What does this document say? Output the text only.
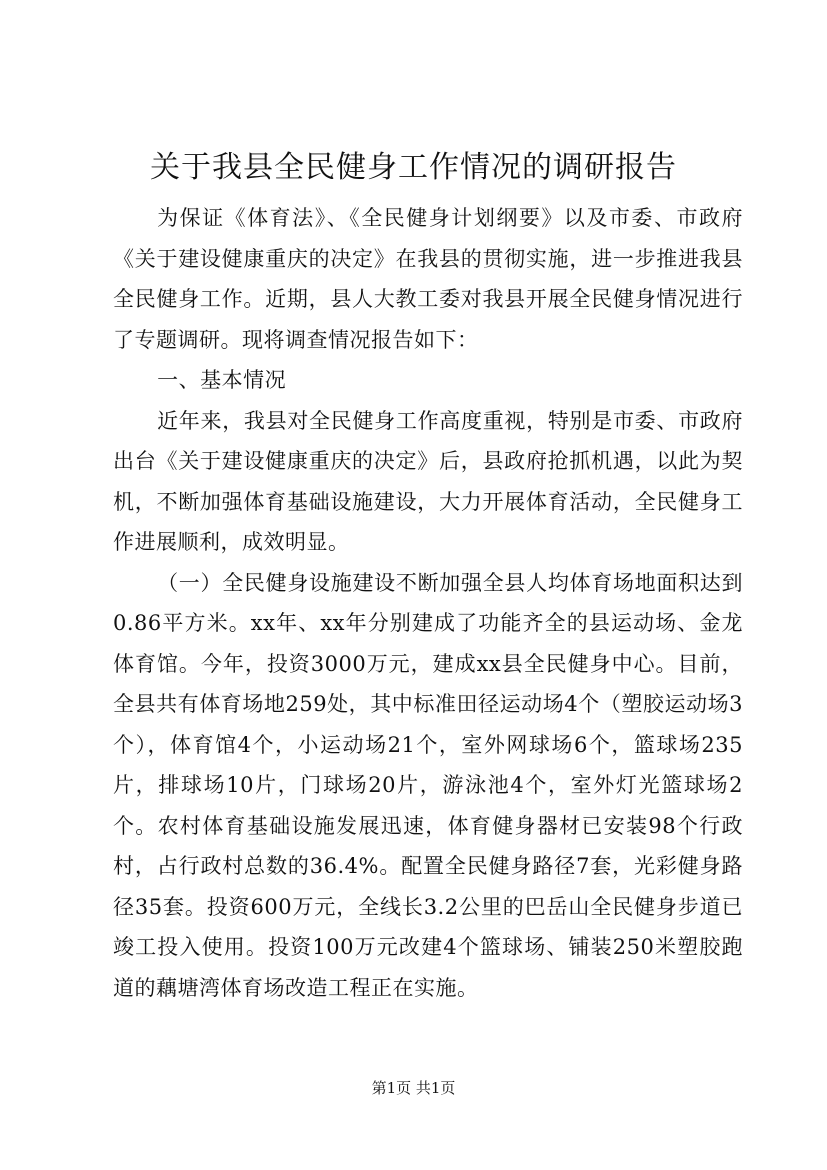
关于我县全民健身工作情况的调研报告

为保证《体育法》、《全民健身计划纲要》以及市委、市政府《关于建设健康重庆的决定》在我县的贯彻实施，进一步推进我县全民健身工作。近期，县人大教工委对我县开展全民健身情况进行了专题调研。现将调查情况报告如下：

一、基本情况

近年来，我县对全民健身工作高度重视，特别是市委、市政府出台《关于建设健康重庆的决定》后，县政府抢抓机遇，以此为契机，不断加强体育基础设施建设，大力开展体育活动，全民健身工作进展顺利，成效明显。

（一）全民健身设施建设不断加强全县人均体育场地面积达到0.86平方米。xx年、xx年分别建成了功能齐全的县运动场、金龙体育馆。今年，投资3000万元，建成xx县全民健身中心。目前，全县共有体育场地259处，其中标准田径运动场4个（塑胶运动场3个），体育馆4个，小运动场21个，室外网球场6个，篮球场235片，排球场10片，门球场20片，游泳池4个，室外灯光篮球场2个。农村体育基础设施发展迅速，体育健身器材已安装98个行政村，占行政村总数的36.4%。配置全民健身路径7套，光彩健身路径35套。投资600万元，全线长3.2公里的巴岳山全民健身步道已竣工投入使用。投资100万元改建4个篮球场、铺装250米塑胶跑道的藕塘湾体育场改造工程正在实施。

第1页 共1页
